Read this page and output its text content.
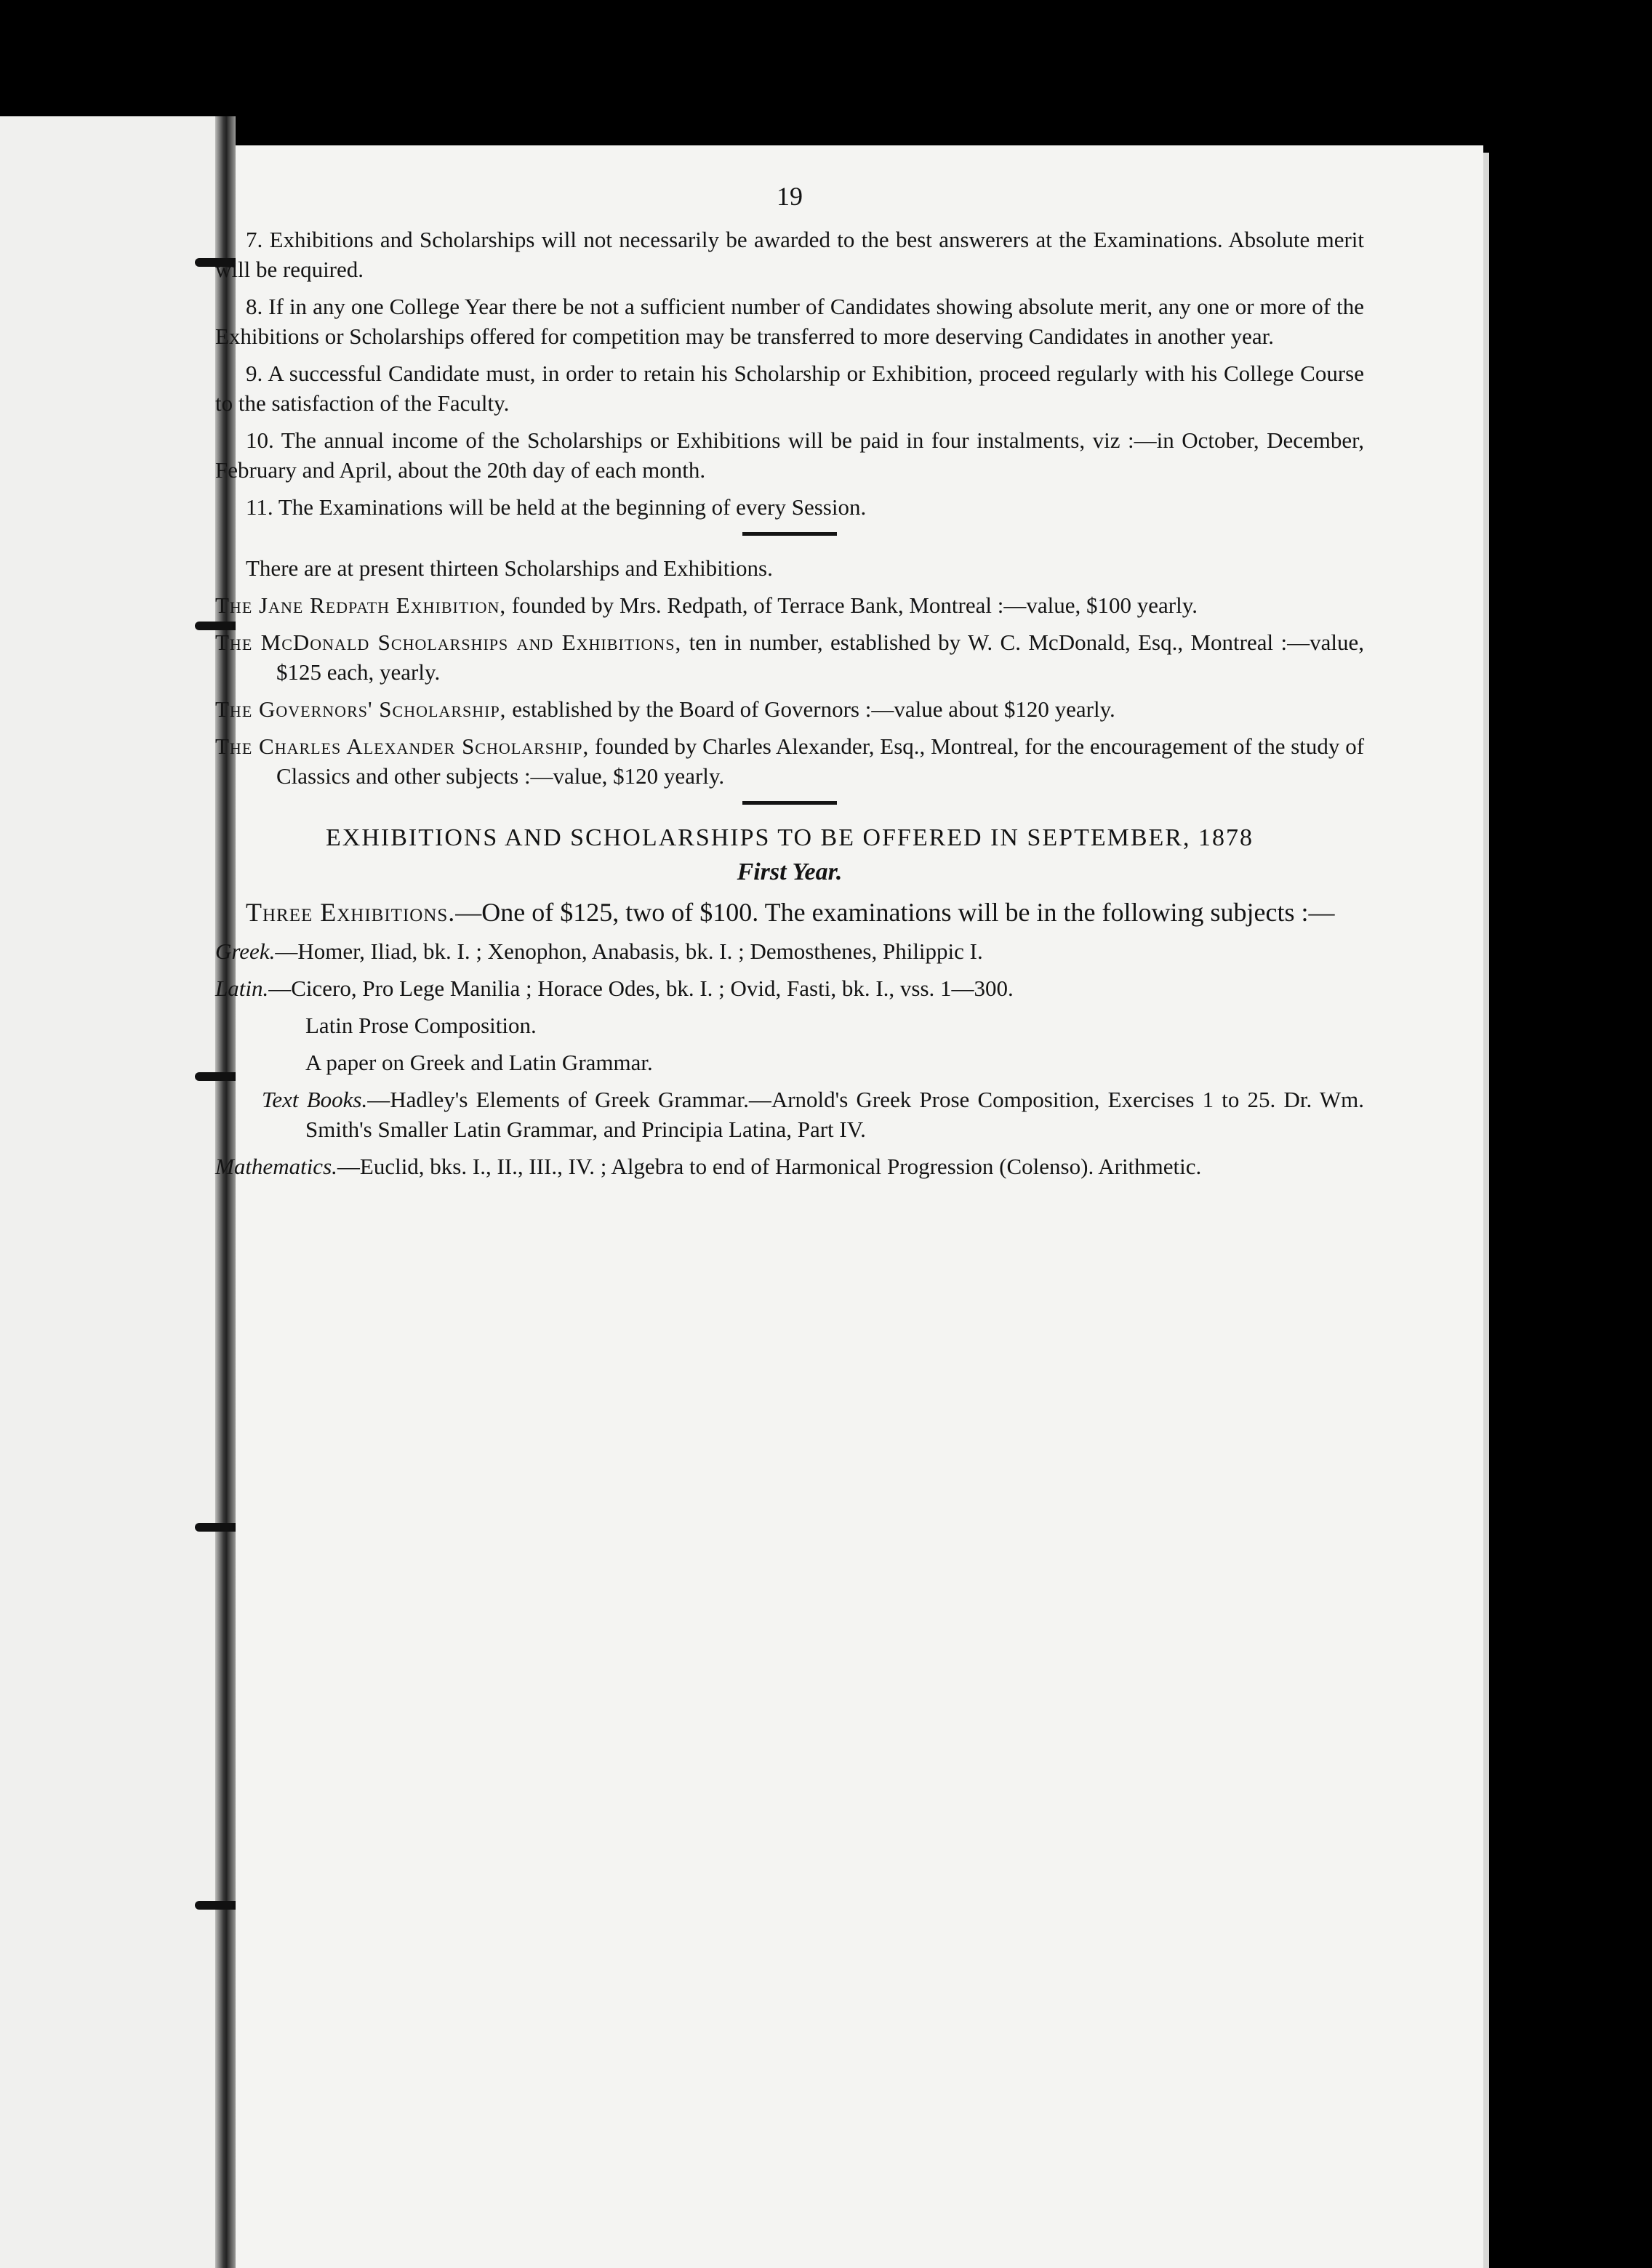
19

7. Exhibitions and Scholarships will not necessarily be awarded to the best answerers at the Examinations. Absolute merit will be required.

8. If in any one College Year there be not a sufficient number of Candidates showing absolute merit, any one or more of the Exhibitions or Scholarships offered for competition may be transferred to more deserving Candidates in another year.

9. A successful Candidate must, in order to retain his Scholarship or Exhibition, proceed regularly with his College Course to the satisfaction of the Faculty.

10. The annual income of the Scholarships or Exhibitions will be paid in four instalments, viz :—in October, December, February and April, about the 20th day of each month.

11. The Examinations will be held at the beginning of every Session.

There are at present thirteen Scholarships and Exhibitions.

The Jane Redpath Exhibition, founded by Mrs. Redpath, of Terrace Bank, Montreal :—value, $100 yearly.

The McDonald Scholarships and Exhibitions, ten in number, established by W. C. McDonald, Esq., Montreal :—value, $125 each, yearly.

The Governors' Scholarship, established by the Board of Governors :—value about $120 yearly.

The Charles Alexander Scholarship, founded by Charles Alexander, Esq., Montreal, for the encouragement of the study of Classics and other subjects :—value, $120 yearly.

EXHIBITIONS AND SCHOLARSHIPS TO BE OFFERED IN SEPTEMBER, 1878
First Year.

Three Exhibitions.—One of $125, two of $100. The examinations will be in the following subjects :—

Greek.—Homer, Iliad, bk. I. ; Xenophon, Anabasis, bk. I. ; Demosthenes, Philippic I.

Latin.—Cicero, Pro Lege Manilia ; Horace Odes, bk. I. ; Ovid, Fasti, bk. I., vss. 1—300.

Latin Prose Composition.

A paper on Greek and Latin Grammar.

Text Books.—Hadley's Elements of Greek Grammar.—Arnold's Greek Prose Composition, Exercises 1 to 25. Dr. Wm. Smith's Smaller Latin Grammar, and Principia Latina, Part IV.

Mathematics.—Euclid, bks. I., II., III., IV. ; Algebra to end of Harmonical Progression (Colenso). Arithmetic.
